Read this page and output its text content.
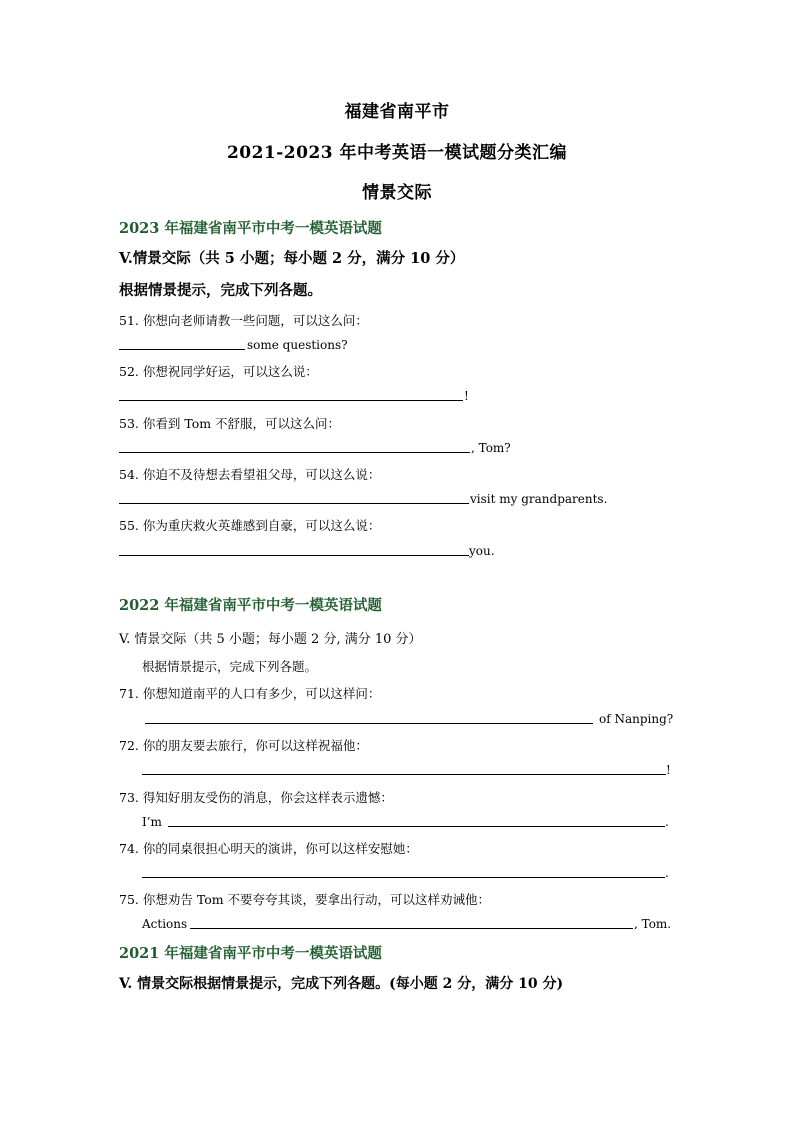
福建省南平市
2021-2023 年中考英语一模试题分类汇编
情景交际
2023 年福建省南平市中考一模英语试题
V.情景交际（共 5 小题；每小题 2 分，满分 10 分）
根据情景提示，完成下列各题。
51. 你想向老师请教一些问题，可以这么问：
some questions?
52. 你想祝同学好运，可以这么说：
!
53. 你看到 Tom 不舒服，可以这么问：
, Tom?
54. 你迫不及待想去看望祖父母，可以这么说：
visit my grandparents.
55. 你为重庆救火英雄感到自豪，可以这么说：
you.
2022 年福建省南平市中考一模英语试题
V. 情景交际（共 5 小题；每小题 2 分, 满分 10 分）
根据情景提示，完成下列各题。
71. 你想知道南平的人口有多少，可以这样问：
of Nanping?
72. 你的朋友要去旅行，你可以这样祝福他：
!
73. 得知好朋友受伤的消息，你会这样表示遗憾：
I’m	.
74. 你的同桌很担心明天的演讲，你可以这样安慰她：
.
75. 你想劝告 Tom 不要夸夸其谈，要拿出行动，可以这样劝诫他：
Actions	, Tom.
2021 年福建省南平市中考一模英语试题
V. 情景交际根据情景提示，完成下列各题。(每小题 2 分，满分 10 分)
